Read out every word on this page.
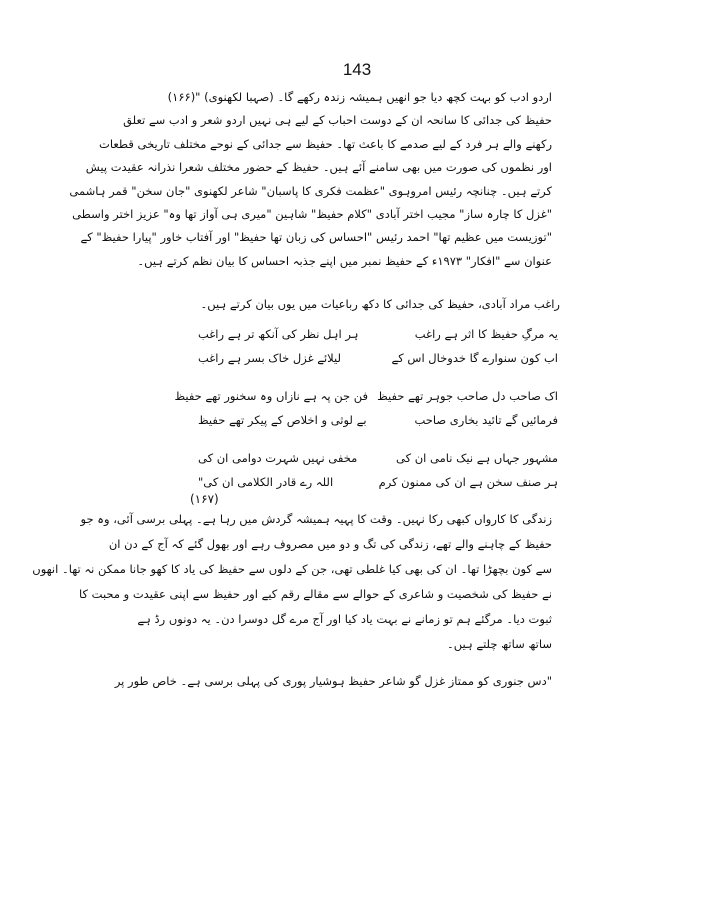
143
اردو ادب کو بہت کچھ دیا جو انھیں ہمیشہ زندہ رکھے گا۔ (صہبا لکھنوی) "(۱۶۶)
حفیظ کی جدائی کا سانحہ ان کے دوست احباب کے لیے ہی نہیں اردو شعر و ادب سے تعلق
رکھنے والے ہر فرد کے لیے صدمے کا باعث تھا۔ حفیظ سے جدائی کے نوحے مختلف تاریخی قطعات
اور نظموں کی صورت میں بھی سامنے آئے ہیں۔ حفیظ کے حضور مختلف شعرا نذرانہ عقیدت پیش
کرتے ہیں۔ چنانچہ رئیس امروہوی "عظمت فکری کا پاسبان" شاعر لکھنوی "جان سخن" قمر ہاشمی
"غزل کا چارہ ساز" مجیب اختر آبادی "کلام حفیظ" شاہین "میری ہی آواز تھا وہ" عزیز اختر واسطی
"توزیست میں عظیم تھا" احمد رئیس "احساس کی زبان تھا حفیظ" اور آفتاب خاور "پیارا حفیظ" کے
عنوان سے "افکار" ۱۹۷۳ء کے حفیظ نمبر میں اپنے جذبہ احساس کا بیان نظم کرتے ہیں۔
راغب مراد آبادی، حفیظ کی جدائی کا دکھ رباعیات میں یوں بیان کرتے ہیں۔
یہ مرگِ حفیظ کا اثر ہے راغب
ہر اہل نظر کی آنکھ تر ہے راغب
اب کون سنوارے گا خدوخال اس کے
لیلائے غزل خاک بسر ہے راغب
اک صاحب دل صاحب جوہر تھے حفیظ
فن جن پہ ہے نازاں وہ سخنور تھے حفیظ
فرمائیں گے تائید بخاری صاحب
بے لوثی و اخلاص کے پیکر تھے حفیظ
مشہور جہاں ہے نیک نامی ان کی
مخفی نہیں شہرت دوامی ان کی
ہر صنف سخن ہے ان کی ممنون کرم
اللہ رے قادر الکلامی ان کی"
(۱۶۷)
زندگی کا کارواں کبھی رکا نہیں۔ وقت کا پہیہ ہمیشہ گردش میں رہا ہے۔ پہلی برسی آئی، وہ جو
حفیظ کے چاہنے والے تھے، زندگی کی تگ و دو میں مصروف رہے اور بھول گئے کہ آج کے دن ان
سے کون بچھڑا تھا۔ ان کی بھی کیا غلطی تھی، جن کے دلوں سے حفیظ کی یاد کا کھو جانا ممکن نہ تھا۔ انھوں
نے حفیظ کی شخصیت و شاعری کے حوالے سے مقالے رقم کیے اور حفیظ سے اپنی عقیدت و محبت کا
ثبوت دیا۔ مرگئے ہم تو زمانے نے بہت یاد کیا اور آج مرے گل دوسرا دن۔ یہ دونوں رڈ ہے
ساتھ ساتھ چلتے ہیں۔
"دس جنوری کو ممتاز غزل گو شاعر حفیظ ہوشیار پوری کی پہلی برسی ہے۔ خاص طور پر
